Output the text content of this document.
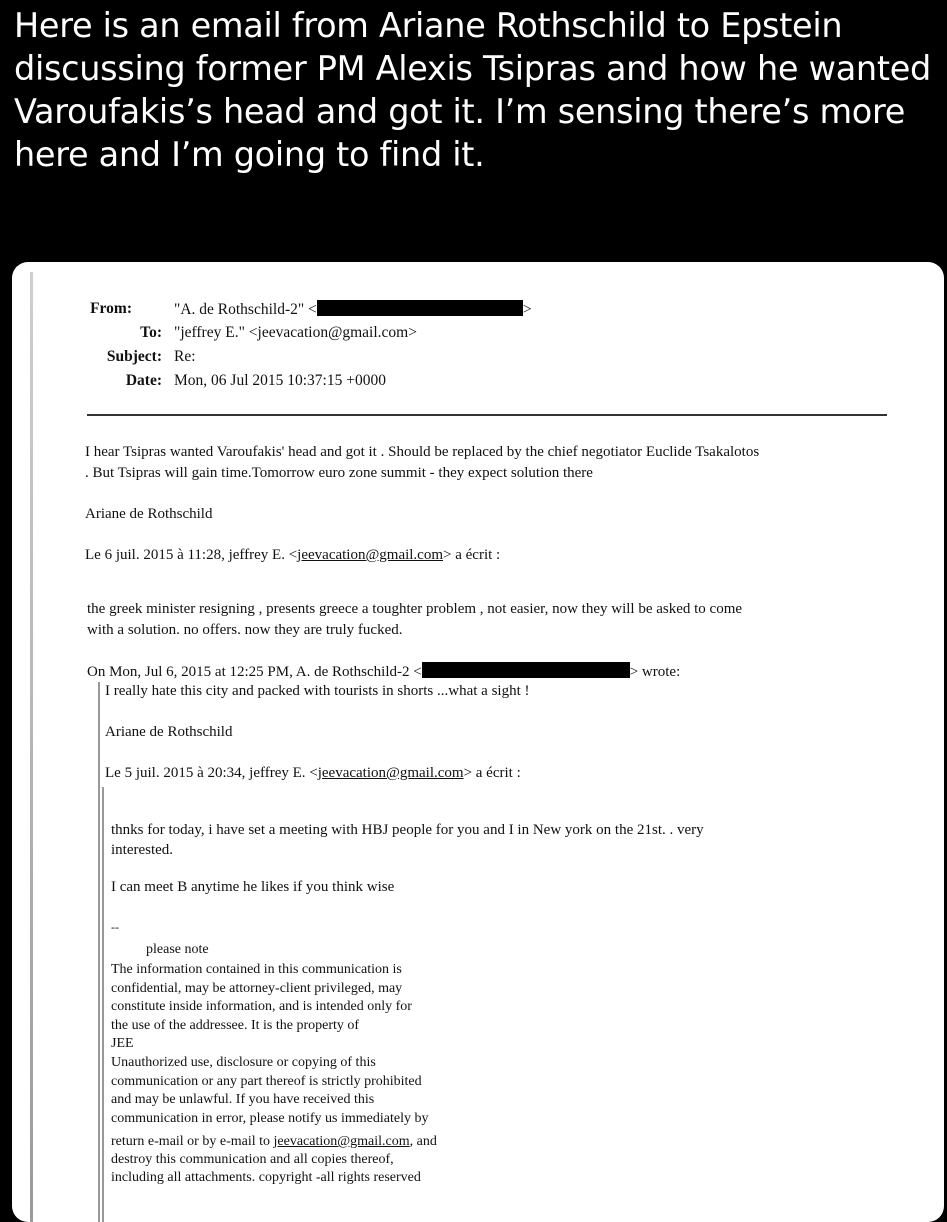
Here is an email from Ariane Rothschild to Epstein discussing former PM Alexis Tsipras and how he wanted Varoufakis’s head and got it. I’m sensing there’s more here and I’m going to find it.

From:	"A. de Rothschild-2" <	>
To: "jeffrey E." <jeevacation@gmail.com>
Subject: Re:
Date: Mon, 06 Jul 2015 10:37:15 +0000
I hear Tsipras wanted Varoufakis' head and got it . Should be replaced by the chief negotiator Euclide Tsakalotos
. But Tsipras will gain time.Tomorrow euro zone summit - they expect solution there
Ariane de Rothschild
Le 6 juil. 2015 à 11:28, jeffrey E. <jeevacation@gmail.com> a écrit :
the greek minister resigning , presents greece a toughter problem , not easier, now they will be asked to come
with a solution. no offers. now they are truly fucked.
On Mon, Jul 6, 2015 at 12:25 PM, A. de Rothschild-2 <	> wrote:
I really hate this city and packed with tourists in shorts ...what a sight !
Ariane de Rothschild
Le 5 juil. 2015 à 20:34, jeffrey E. <jeevacation@gmail.com> a écrit :
thnks for today, i have set a meeting with HBJ people for you and I in New york on the 21st. . very
interested.
I can meet B anytime he likes if you think wise
--
please note
The information contained in this communication is
confidential, may be attorney-client privileged, may
constitute inside information, and is intended only for
the use of the addressee. It is the property of
JEE
Unauthorized use, disclosure or copying of this
communication or any part thereof is strictly prohibited
and may be unlawful. If you have received this
communication in error, please notify us immediately by
return e-mail or by e-mail to jeevacation@gmail.com, and
destroy this communication and all copies thereof,
including all attachments. copyright -all rights reserved
